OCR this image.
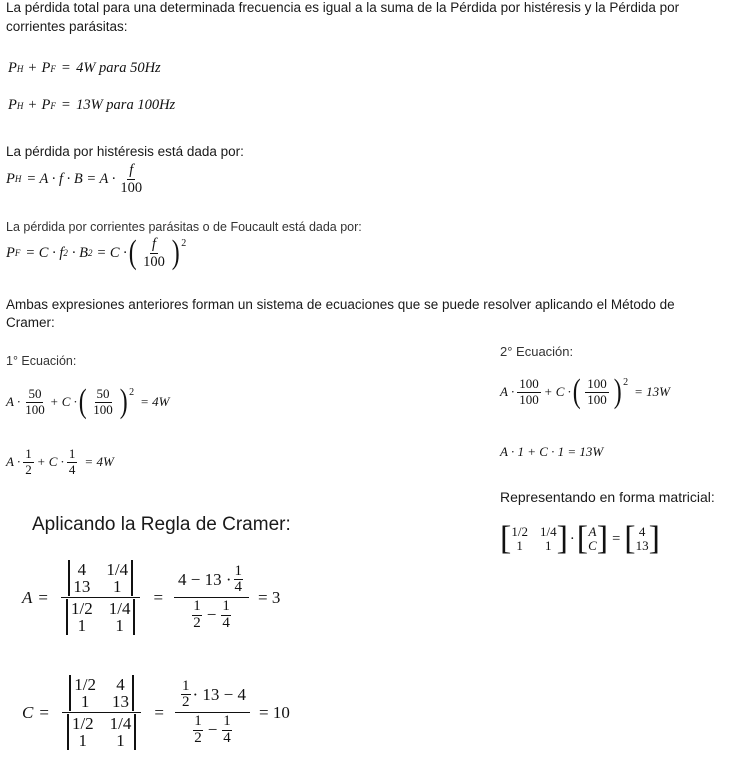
La pérdida total para una determinada frecuencia es igual a la suma de la Pérdida por histéresis y la Pérdida por
corrientes parásitas:
P H + P F = 4W para 50Hz
P H + P F = 13W para 100Hz
La pérdida por histéresis está dada por:
P $H = A \cdot f \cdot B = A \cdot \frac{f}{100}$
La pérdida por corrientes parásitas o de Foucault está dada por:
P F = C · f 2 · B 2 = C · ( $\frac{f}{100}$ ) 2
Ambas expresiones anteriores forman un sistema de ecuaciones que se puede resolver aplicando el Método de
Cramer:
1° Ecuación:
$A \cdot \frac{50}{100} + C$ · ( $\frac{50}{100}$ ) 2
= 4W
$A \cdot \frac{1}{2} + C \cdot \frac{1}{4} = 4W$
2° Ecuación:
$A \cdot \frac{100}{100} + C$ · ( $\frac{100}{100}$ ) 2
= 13W
A · 1 + C · 1 = 13W
Representando en forma matricial:
[ 1/2 1/4
1	1 ] · [ A
C ] = [ 4
13 ]
Aplicando la Regla de Cramer:
A = 4 1/4
13	1
1/2 1/4
1	$1 = \frac{4 - 13 \cdot \frac{1}{4}}{\frac{1}{2} - \frac{1}{4}} = 3$
C = 1/2 4
1	13
1/2 1/4
1	$1 = \frac{\frac{1}{2} \cdot 13 - 4}{\frac{1}{2} - \frac{1}{4}} = 10$
